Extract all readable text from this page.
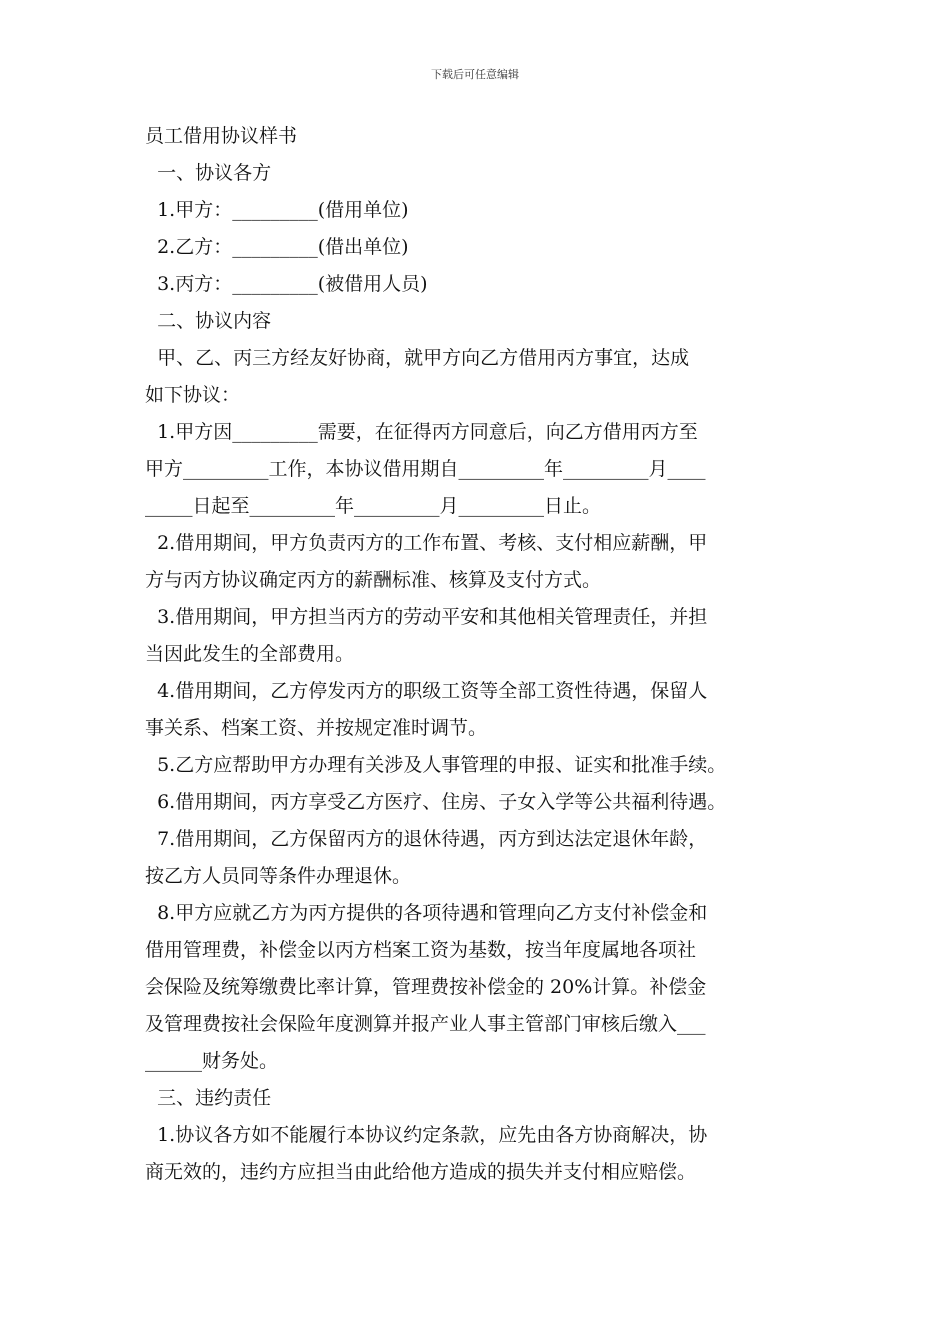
下载后可任意编辑
员工借用协议样书
一、协议各方
1.甲方：_________(借用单位)
2.乙方：_________(借出单位)
3.丙方：_________(被借用人员)
二、协议内容
甲、乙、丙三方经友好协商，就甲方向乙方借用丙方事宜，达成
如下协议：
1.甲方因_________需要，在征得丙方同意后，向乙方借用丙方至
甲方_________工作，本协议借用期自_________年_________月____
_____日起至_________年_________月_________日止。
2.借用期间，甲方负责丙方的工作布置、考核、支付相应薪酬，甲
方与丙方协议确定丙方的薪酬标准、核算及支付方式。
3.借用期间，甲方担当丙方的劳动平安和其他相关管理责任，并担
当因此发生的全部费用。
4.借用期间，乙方停发丙方的职级工资等全部工资性待遇，保留人
事关系、档案工资、并按规定准时调节。
5.乙方应帮助甲方办理有关涉及人事管理的申报、证实和批准手续。
6.借用期间，丙方享受乙方医疗、住房、子女入学等公共福利待遇。
7.借用期间，乙方保留丙方的退休待遇，丙方到达法定退休年龄，
按乙方人员同等条件办理退休。
8.甲方应就乙方为丙方提供的各项待遇和管理向乙方支付补偿金和
借用管理费，补偿金以丙方档案工资为基数，按当年度属地各项社
会保险及统筹缴费比率计算，管理费按补偿金的 20%计算。补偿金
及管理费按社会保险年度测算并报产业人事主管部门审核后缴入___
______财务处。
三、违约责任
1.协议各方如不能履行本协议约定条款，应先由各方协商解决，协
商无效的，违约方应担当由此给他方造成的损失并支付相应赔偿。
